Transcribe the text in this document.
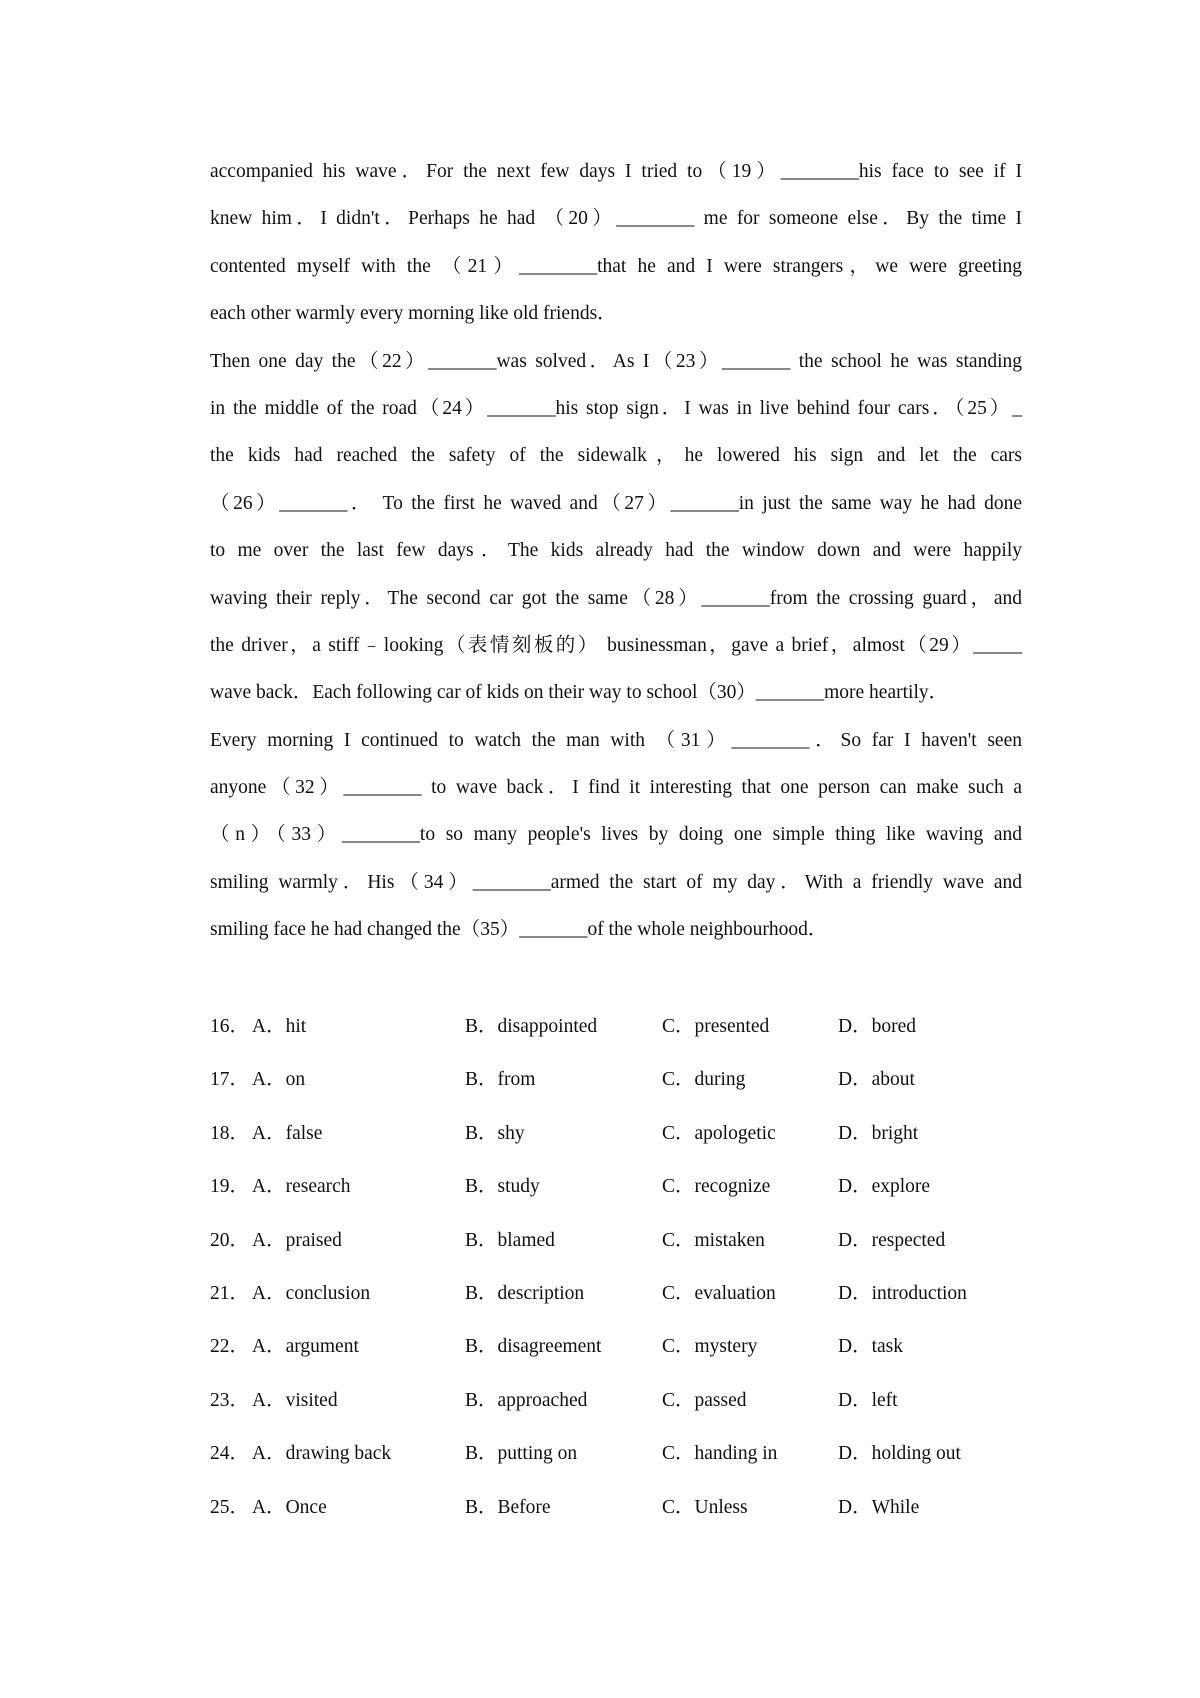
accompanied his wave．For the next few days I tried to（19）________his face to see if I
knew him．I didn't．Perhaps he had （20）________ me for someone else．By the time I
contented myself with the （21）________that he and I were strangers，we were greeting
each other warmly every morning like old friends．
Then one day the（22）_______was solved．As I（23）_______ the school he was standing
in the middle of the road（24）_______his stop sign．I was in live behind four cars．（25）_
the kids had reached the safety of the sidewalk，he lowered his sign and let the cars
（26）_______． To the first he waved and（27）_______in just the same way he had done
to me over the last few days．The kids already had the window down and were happily
waving their reply．The second car got the same（28）_______from the crossing guard，and
the driver，a stiff﹣looking（表情刻板的） businessman，gave a brief，almost（29）_____
wave back．Each following car of kids on their way to school（30）_______more heartily．
Every morning I continued to watch the man with （31）________．So far I haven't seen
anyone（32）________ to wave back．I find it interesting that one person can make such a
（n）（33）________to so many people's lives by doing one simple thing like waving and
smiling warmly．His（34）________armed the start of my day．With a friendly wave and
smiling face he had changed the（35）_______of the whole neighbourhood．
16． A．hit	B．disappointed	C．presented	D．bored
17． A．on	B．from	C．during	D．about
18． A．false	B．shy	C．apologetic	D．bright
19． A．research	B．study	C．recognize	D．explore
20． A．praised	B．blamed	C．mistaken	D．respected
21． A．conclusion	B．description	C．evaluation	D．introduction
22． A．argument	B．disagreement	C．mystery	D．task
23． A．visited	B．approached	C．passed	D．left
24． A．drawing back	B．putting on	C．handing in	D．holding out
25． A．Once	B．Before	C．Unless	D．While
